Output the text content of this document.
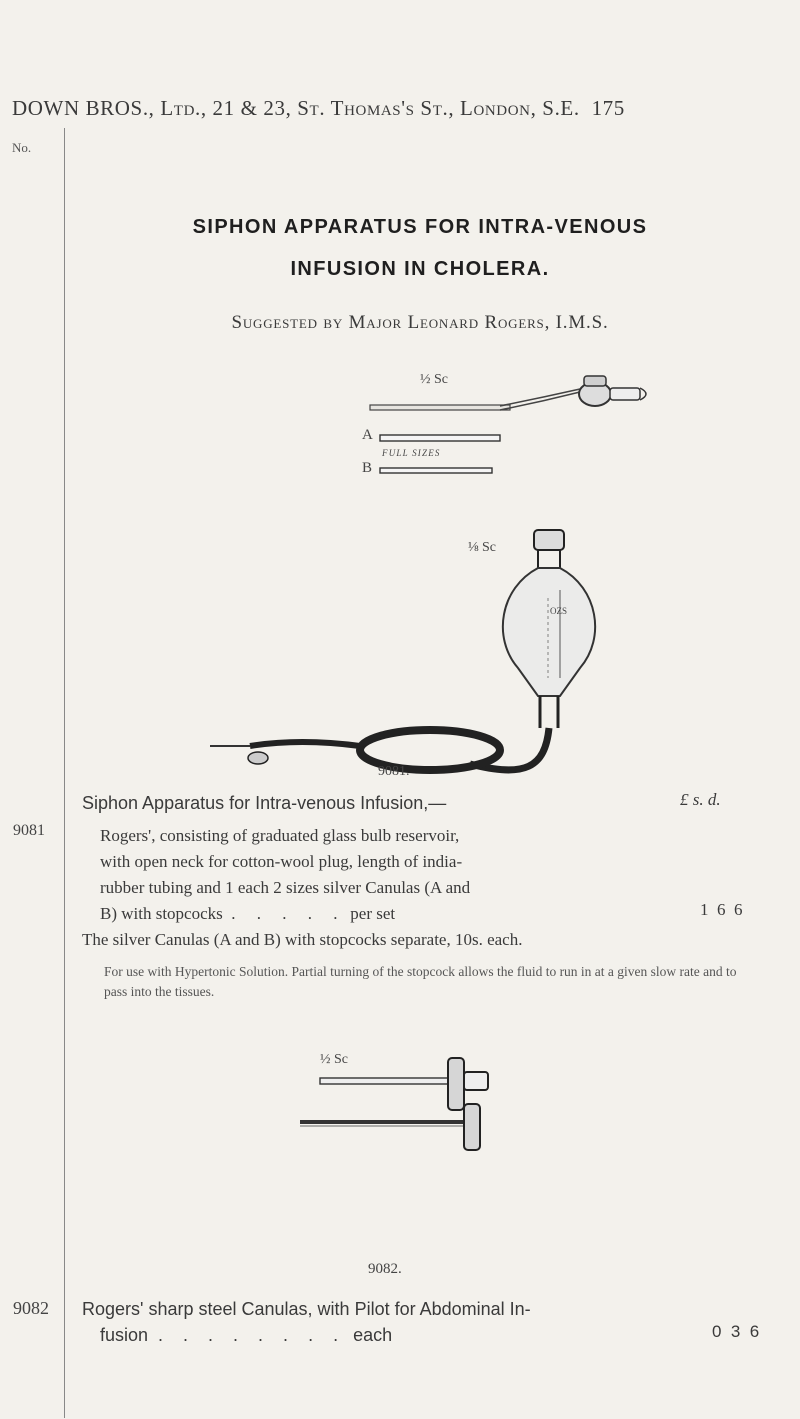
DOWN BROS., Ltd., 21 & 23, St. Thomas's St., London, S.E. 175
No.
SIPHON APPARATUS FOR INTRA-VENOUS
INFUSION IN CHOLERA.
Suggested by Major Leonard Rogers, I.M.S.
½ Sc
A
FULL SIZES
B
⅛ Sc
OZS
9081.
9081
Siphon Apparatus for Intra-venous Infusion,—	£ s. d.
Rogers', consisting of graduated glass bulb reservoir,
with open neck for cotton-wool plug, length of india-
rubber tubing and 1 each 2 sizes silver Canulas (A and
B) with stopcocks  .     .     .     .     .   per set	1  6  6
The silver Canulas (A and B) with stopcocks separate, 10s. each.
For use with Hypertonic Solution. Partial turning of the stopcock allows the fluid to run in at a given slow rate and to pass into the tissues.
½ Sc
9082.
9082 Rogers' sharp steel Canulas, with Pilot for Abdominal In-
fusion  .    .    .    .    .    .    .    .   each	0  3  6
